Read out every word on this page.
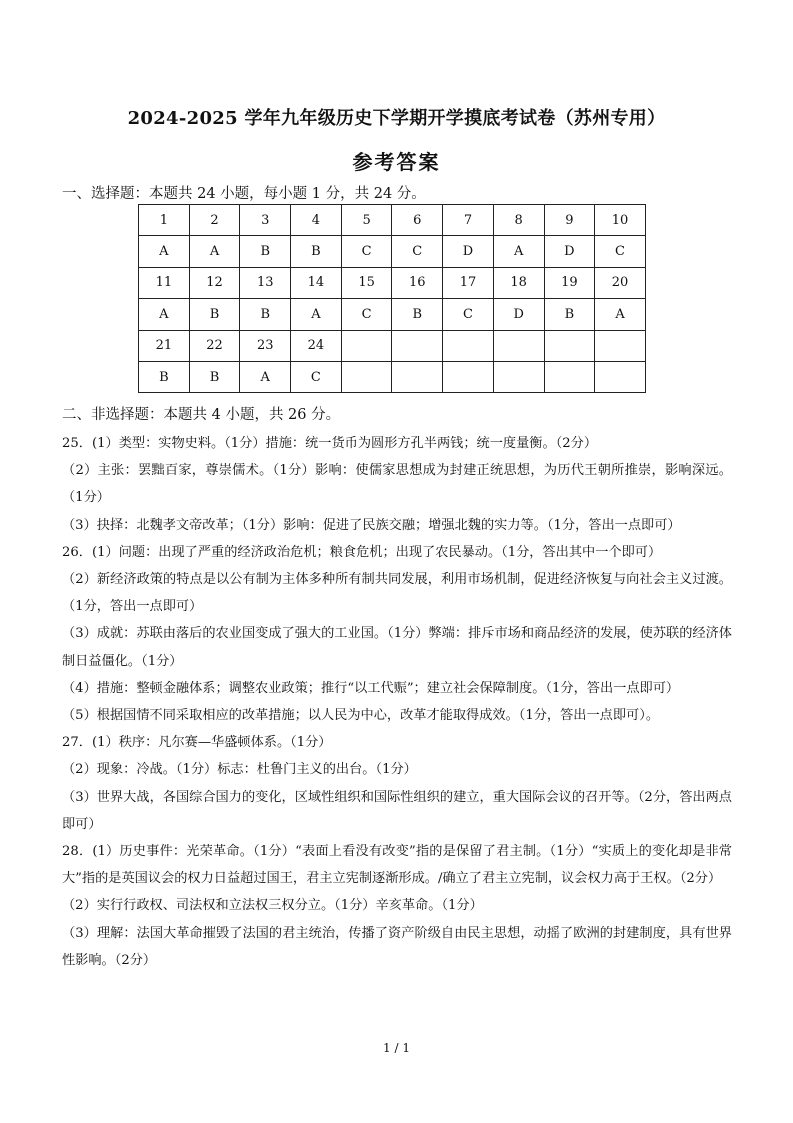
2024-2025 学年九年级历史下学期开学摸底考试卷（苏州专用）
参考答案
一、选择题：本题共 24 小题，每小题 1 分，共 24 分。
1	2	3	4	5	6	7	8	9	10
A	A	B	B	C	C	D	A	D	C
11	12	13	14	15	16	17	18	19	20
A	B	B	A	C	B	C	D	B	A
21	22	23	24						
B	B	A	C						
二、非选择题：本题共 4 小题，共 26 分。

25．(1）类型：实物史料。（1分）措施：统一货币为圆形方孔半两钱；统一度量衡。（2分）

（2）主张：罢黜百家，尊崇儒术。（1分）影响：使儒家思想成为封建正统思想，为历代王朝所推崇，影响深远。（1分）

（3）抉择：北魏孝文帝改革；（1分）影响：促进了民族交融；增强北魏的实力等。（1分，答出一点即可）

26．(1）问题：出现了严重的经济政治危机；粮食危机；出现了农民暴动。（1分，答出其中一个即可）

（2）新经济政策的特点是以公有制为主体多种所有制共同发展，利用市场机制，促进经济恢复与向社会主义过渡。（1分，答出一点即可）

（3）成就：苏联由落后的农业国变成了强大的工业国。（1分）弊端：排斥市场和商品经济的发展，使苏联的经济体制日益僵化。（1分）

（4）措施：整顿金融体系；调整农业政策；推行“以工代赈”；建立社会保障制度。（1分，答出一点即可）

（5）根据国情不同采取相应的改革措施；以人民为中心，改革才能取得成效。（1分，答出一点即可）。

27．(1）秩序：凡尔赛—华盛顿体系。（1分）

（2）现象：冷战。（1分）标志：杜鲁门主义的出台。（1分）

（3）世界大战，各国综合国力的变化，区域性组织和国际性组织的建立，重大国际会议的召开等。（2分，答出两点即可）

28．(1）历史事件：光荣革命。（1分）“表面上看没有改变”指的是保留了君主制。（1分）“实质上的变化却是非常大”指的是英国议会的权力日益超过国王，君主立宪制逐渐形成。/确立了君主立宪制，议会权力高于王权。（2分）

（2）实行行政权、司法权和立法权三权分立。（1分）辛亥革命。（1分）

（3）理解：法国大革命摧毁了法国的君主统治，传播了资产阶级自由民主思想，动摇了欧洲的封建制度，具有世界性影响。（2分）

1 / 1
